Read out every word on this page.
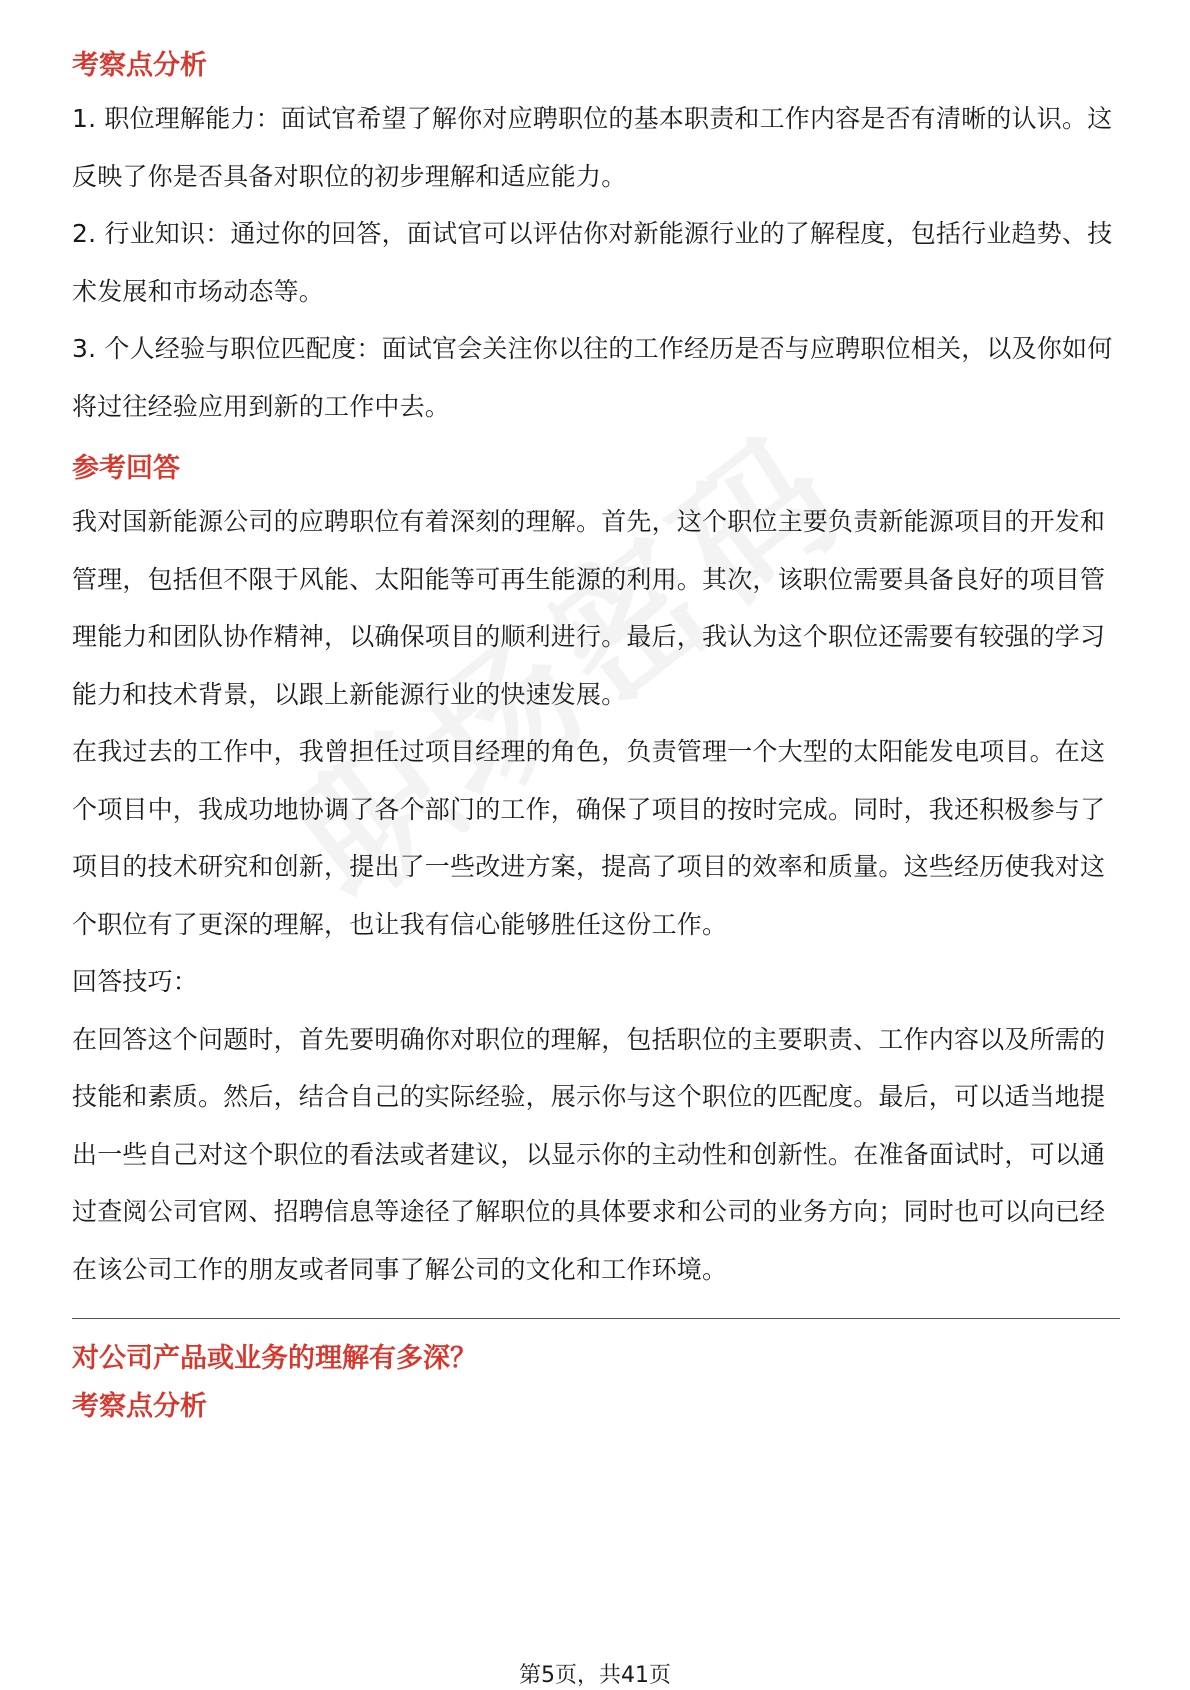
考察点分析

1. 职位理解能力：面试官希望了解你对应聘职位的基本职责和工作内容是否有清晰的认识。这反映了你是否具备对职位的初步理解和适应能力。

2. 行业知识：通过你的回答，面试官可以评估你对新能源行业的了解程度，包括行业趋势、技术发展和市场动态等。

3. 个人经验与职位匹配度：面试官会关注你以往的工作经历是否与应聘职位相关，以及你如何将过往经验应用到新的工作中去。

参考回答

我对国新能源公司的应聘职位有着深刻的理解。首先，这个职位主要负责新能源项目的开发和管理，包括但不限于风能、太阳能等可再生能源的利用。其次，该职位需要具备良好的项目管理能力和团队协作精神，以确保项目的顺利进行。最后，我认为这个职位还需要有较强的学习能力和技术背景，以跟上新能源行业的快速发展。

在我过去的工作中，我曾担任过项目经理的角色，负责管理一个大型的太阳能发电项目。在这个项目中，我成功地协调了各个部门的工作，确保了项目的按时完成。同时，我还积极参与了项目的技术研究和创新，提出了一些改进方案，提高了项目的效率和质量。这些经历使我对这个职位有了更深的理解，也让我有信心能够胜任这份工作。

回答技巧：

在回答这个问题时，首先要明确你对职位的理解，包括职位的主要职责、工作内容以及所需的技能和素质。然后，结合自己的实际经验，展示你与这个职位的匹配度。最后，可以适当地提出一些自己对这个职位的看法或者建议，以显示你的主动性和创新性。在准备面试时，可以通过查阅公司官网、招聘信息等途径了解职位的具体要求和公司的业务方向；同时也可以向已经在该公司工作的朋友或者同事了解公司的文化和工作环境。

对公司产品或业务的理解有多深？
考察点分析
第5页，共41页
